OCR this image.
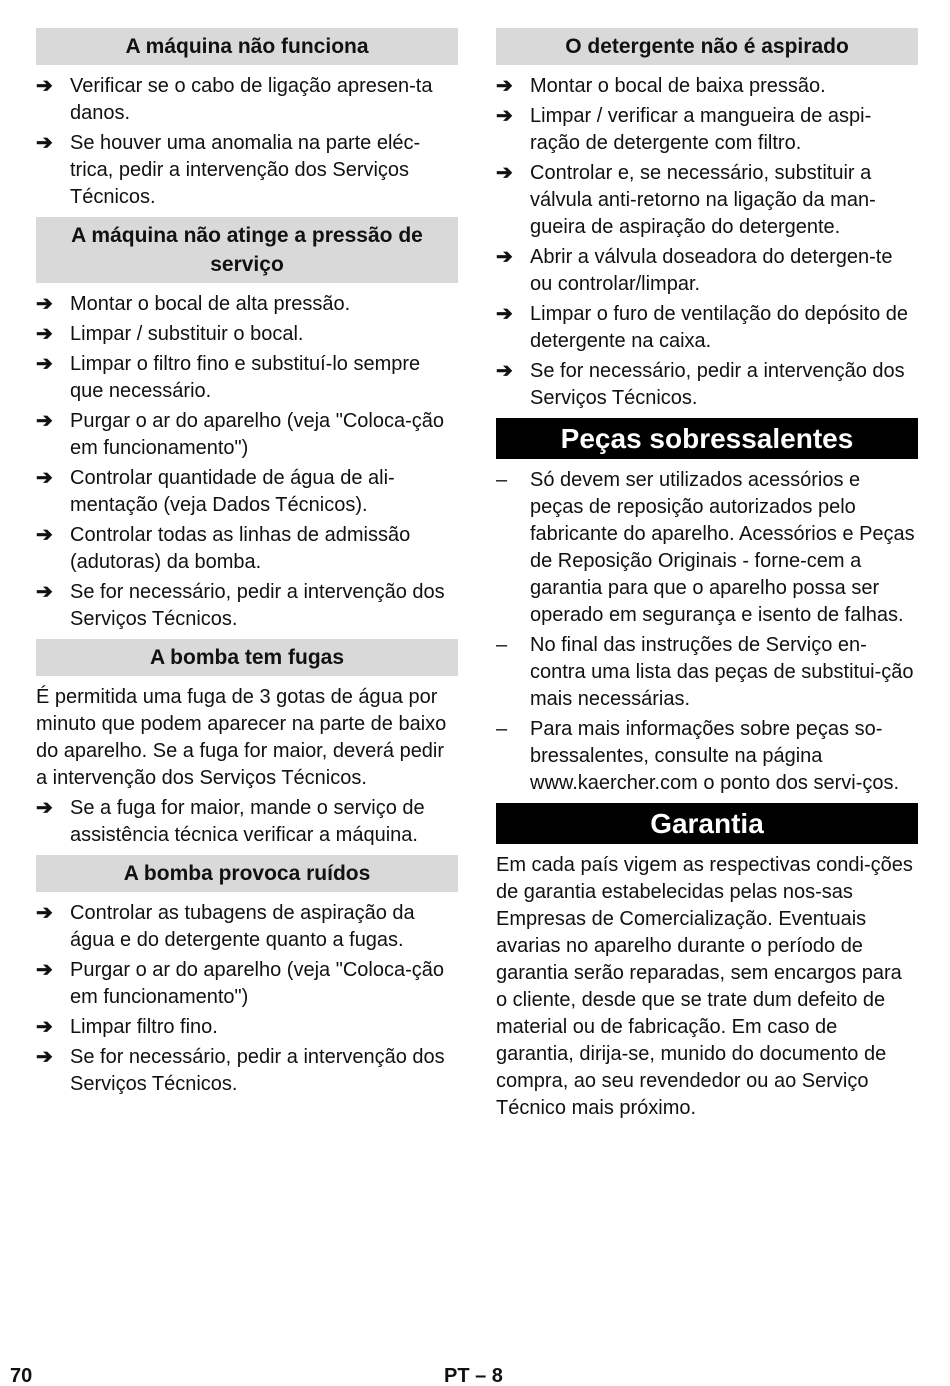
A máquina não funciona
➔ Verificar se o cabo de ligação apresen-ta danos.
➔ Se houver uma anomalia na parte eléc-trica, pedir a intervenção dos Serviços Técnicos.
A máquina não atinge a pressão de serviço
➔ Montar o bocal de alta pressão.
➔ Limpar / substituir o bocal.
➔ Limpar o filtro fino e substituí-lo sempre que necessário.
➔ Purgar o ar do aparelho (veja "Coloca-ção em funcionamento")
➔ Controlar quantidade de água de ali-mentação (veja Dados Técnicos).
➔ Controlar todas as linhas de admissão (adutoras) da bomba.
➔ Se for necessário, pedir a intervenção dos Serviços Técnicos.
A bomba tem fugas

É permitida uma fuga de 3 gotas de água por minuto que podem aparecer na parte de baixo do aparelho. Se a fuga for maior, deverá pedir a intervenção dos Serviços Técnicos.

➔ Se a fuga for maior, mande o serviço de assistência técnica verificar a máquina.
A bomba provoca ruídos
➔ Controlar as tubagens de aspiração da água e do detergente quanto a fugas.
➔ Purgar o ar do aparelho (veja "Coloca-ção em funcionamento")
➔ Limpar filtro fino.
➔ Se for necessário, pedir a intervenção dos Serviços Técnicos.
O detergente não é aspirado
➔ Montar o bocal de baixa pressão.
➔ Limpar / verificar a mangueira de aspi-ração de detergente com filtro.
➔ Controlar e, se necessário, substituir a válvula anti-retorno na ligação da man-gueira de aspiração do detergente.
➔ Abrir a válvula doseadora do detergen-te ou controlar/limpar.
➔ Limpar o furo de ventilação do depósito de detergente na caixa.
➔ Se for necessário, pedir a intervenção dos Serviços Técnicos.
Peças sobressalentes
–	Só devem ser utilizados acessórios e peças de reposição autorizados pelo fabricante do aparelho. Acessórios e Peças de Reposição Originais - forne-cem a garantia para que o aparelho possa ser operado em segurança e isento de falhas.
–	No final das instruções de Serviço en-contra uma lista das peças de substitui-ção mais necessárias.
–	Para mais informações sobre peças so-bressalentes, consulte na página www.kaercher.com o ponto dos servi-ços.
Garantia

Em cada país vigem as respectivas condi-ções de garantia estabelecidas pelas nos-sas Empresas de Comercialização. Eventuais avarias no aparelho durante o período de garantia serão reparadas, sem encargos para o cliente, desde que se trate dum defeito de material ou de fabricação. Em caso de garantia, dirija-se, munido do documento de compra, ao seu revendedor ou ao Serviço Técnico mais próximo.

70	PT – 8
